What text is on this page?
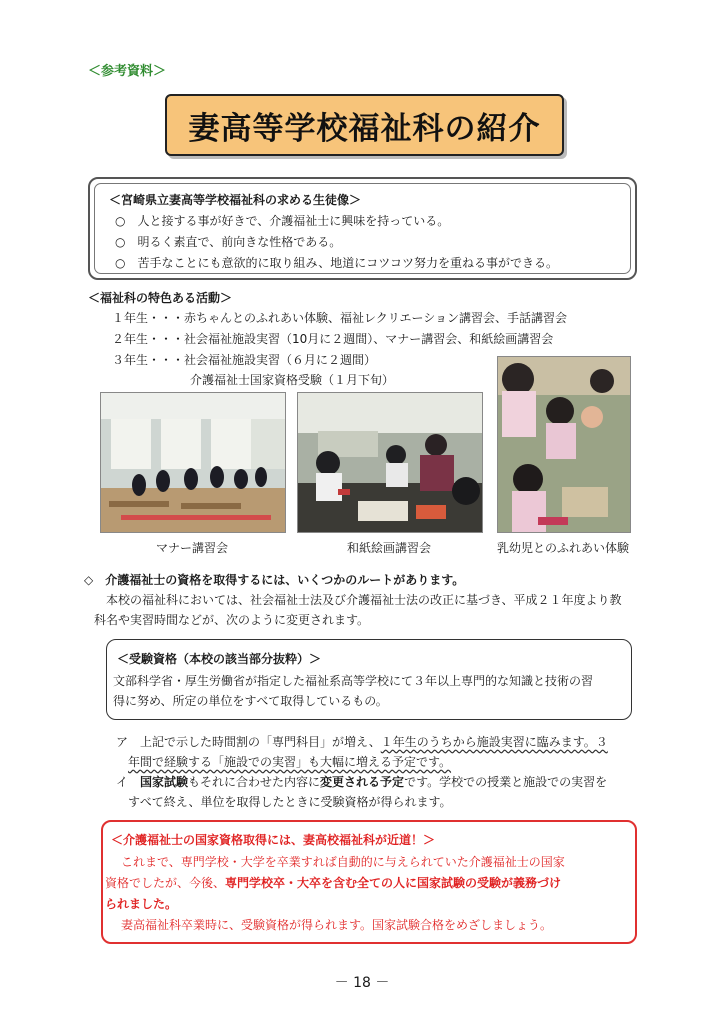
＜参考資料＞
妻高等学校福祉科の紹介
＜宮崎県立妻高等学校福祉科の求める生徒像＞
○　人と接する事が好きで、介護福祉士に興味を持っている。
○　明るく素直で、前向きな性格である。
○　苦手なことにも意欲的に取り組み、地道にコツコツ努力を重ねる事ができる。
＜福祉科の特色ある活動＞
１年生・・・赤ちゃんとのふれあい体験、福祉レクリエーション講習会、手話講習会
２年生・・・社会福祉施設実習（10月に２週間）、マナー講習会、和紙絵画講習会
３年生・・・社会福祉施設実習（６月に２週間）
介護福祉士国家資格受験（１月下旬）
マナー講習会	和紙絵画講習会	乳幼児とのふれあい体験
◇　介護福祉士の資格を取得するには、いくつかのルートがあります。
本校の福祉科においては、社会福祉士法及び介護福祉士法の改正に基づき、平成２１年度より教
科名や実習時間などが、次のように変更されます。
＜受験資格（本校の該当部分抜粋）＞
文部科学省・厚生労働省が指定した福祉系高等学校にて３年以上専門的な知識と技術の習
得に努め、所定の単位をすべて取得しているもの。
ア　上記で示した時間割の「専門科目」が増え、１年生のうちから施設実習に臨みます。３
年間で経験する「施設での実習」も大幅に増える予定です。
イ　国家試験もそれに合わせた内容に変更される予定です。学校での授業と施設での実習を
すべて終え、単位を取得したときに受験資格が得られます。
＜介護福祉士の国家資格取得には、妻高校福祉科が近道！＞
これまで、専門学校・大学を卒業すれば自動的に与えられていた介護福祉士の国家
資格でしたが、今後、専門学校卒・大卒を含む全ての人に国家試験の受験が義務づけ
られました。
妻高福祉科卒業時に、受験資格が得られます。国家試験合格をめざしましょう。
－ 18 －
